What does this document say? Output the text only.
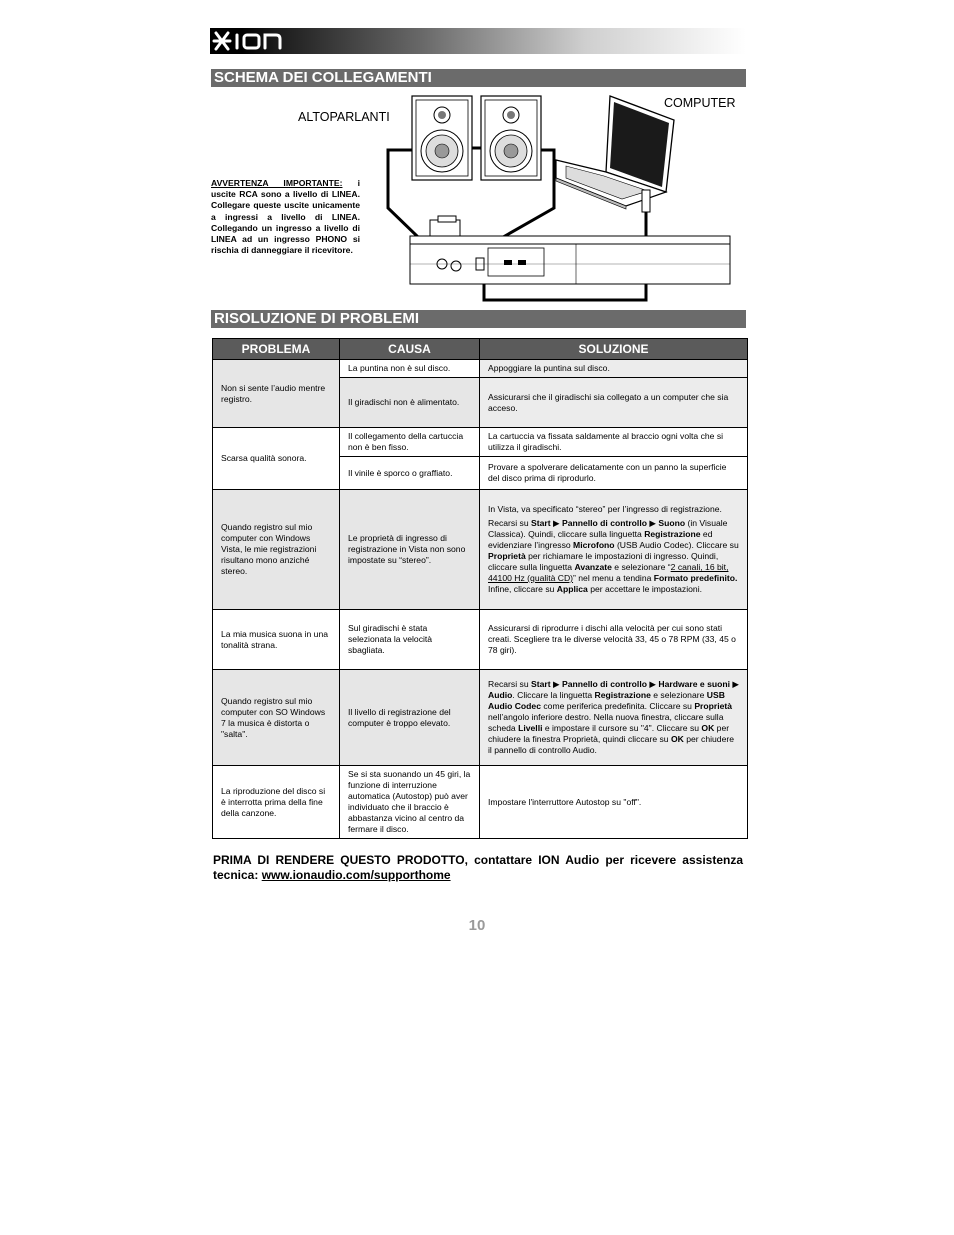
SCHEMA DEI COLLEGAMENTI
ALTOPARLANTI
COMPUTER
AVVERTENZA IMPORTANTE: i uscite RCA sono a livello di LINEA. Collegare queste uscite unicamente a ingressi a livello di LINEA. Collegando un ingresso a livello di LINEA ad un ingresso PHONO si rischia di danneggiare il ricevitore.
RISOLUZIONE DI PROBLEMI
PROBLEMA	CAUSA	SOLUZIONE
Non si sente l’audio mentre registro.	La puntina non è sul disco.	Appoggiare la puntina sul disco.
	Il giradischi non è alimentato.	Assicurarsi che il giradischi sia collegato a un computer che sia acceso.
Scarsa qualità sonora.	Il collegamento della cartuccia non è ben fisso.	La cartuccia va fissata saldamente al braccio ogni volta che si utilizza il giradischi.
	Il vinile è sporco o graffiato.	Provare a spolverare delicatamente con un panno la superficie del disco prima di riprodurlo.
Quando registro sul mio computer con Windows Vista, le mie registrazioni risultano mono anziché stereo.	Le proprietà di ingresso di registrazione in Vista non sono impostate su “stereo”.	In Vista, va specificato “stereo” per l’ingresso di registrazione.

Recarsi su Start ▶ Pannello di controllo ▶ Suono (in Visuale Classica). Quindi, cliccare sulla linguetta Registrazione ed evidenziare l’ingresso Microfono (USB Audio Codec). Cliccare su Proprietà per richiamare le impostazioni di ingresso. Quindi, cliccare sulla linguetta Avanzate e selezionare “2 canali, 16 bit, 44100 Hz (qualità CD)” nel menu a tendina Formato predefinito. Infine, cliccare su Applica per accettare le impostazioni.

La mia musica suona in una tonalità strana.	Sul giradischi è stata selezionata la velocità sbagliata.	Assicurarsi di riprodurre i dischi alla velocità per cui sono stati creati. Scegliere tra le diverse velocità 33, 45 o 78 RPM (33, 45 o 78 giri).
Quando registro sul mio computer con SO Windows 7 la musica è distorta o "salta".	Il livello di registrazione del computer è troppo elevato.	Recarsi su Start ▶ Pannello di controllo ▶ Hardware e suoni ▶ Audio. Cliccare la linguetta Registrazione e selezionare USB Audio Codec come periferica predefinita. Cliccare su Proprietà nell’angolo inferiore destro. Nella nuova finestra, cliccare sulla scheda Livelli e impostare il cursore su "4". Cliccare su OK per chiudere la finestra Proprietà, quindi cliccare su OK per chiudere il pannello di controllo Audio.
La riproduzione del disco si è interrotta prima della fine della canzone.	Se si sta suonando un 45 giri, la funzione di interruzione automatica (Autostop) può aver individuato che il braccio è abbastanza vicino al centro da fermare il disco.	Impostare l'interruttore Autostop su "off".
PRIMA DI RENDERE QUESTO PRODOTTO, contattare ION Audio per ricevere assistenza tecnica: www.ionaudio.com/supporthome
10
